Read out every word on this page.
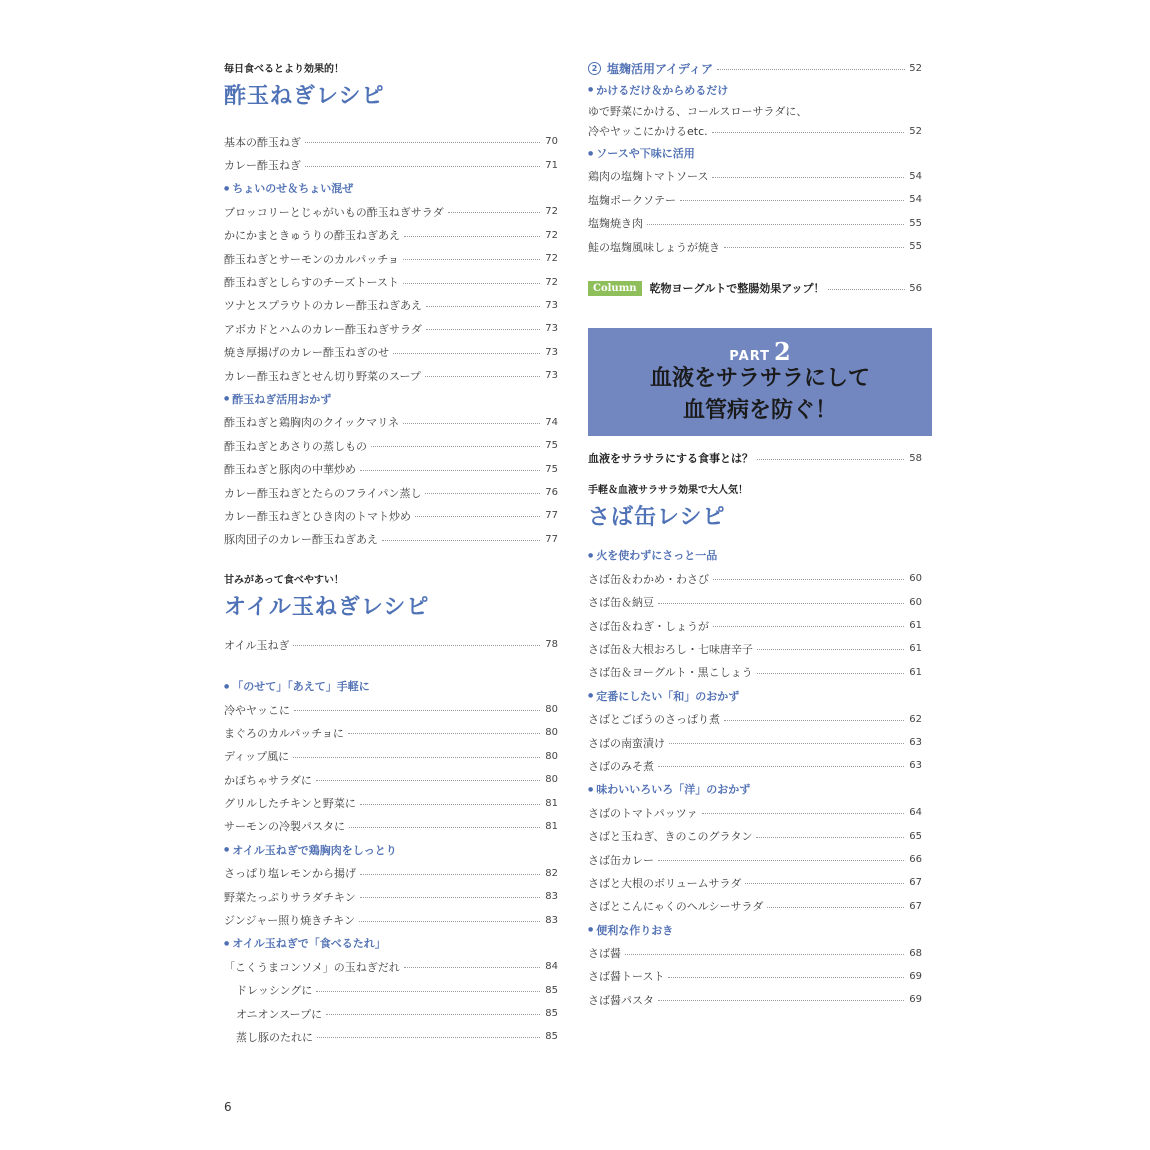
毎日食べるとより効果的！
酢玉ねぎレシピ
基本の酢玉ねぎ	70
カレー酢玉ねぎ	71
● ちょいのせ＆ちょい混ぜ
ブロッコリーとじゃがいもの酢玉ねぎサラダ	72
かにかまときゅうりの酢玉ねぎあえ	72
酢玉ねぎとサーモンのカルパッチョ	72
酢玉ねぎとしらすのチーズトースト	72
ツナとスプラウトのカレー酢玉ねぎあえ	73
アボカドとハムのカレー酢玉ねぎサラダ	73
焼き厚揚げのカレー酢玉ねぎのせ	73
カレー酢玉ねぎとせん切り野菜のスープ	73
● 酢玉ねぎ活用おかず
酢玉ねぎと鶏胸肉のクイックマリネ	74
酢玉ねぎとあさりの蒸しもの	75
酢玉ねぎと豚肉の中華炒め	75
カレー酢玉ねぎとたらのフライパン蒸し	76
カレー酢玉ねぎとひき肉のトマト炒め	77
豚肉団子のカレー酢玉ねぎあえ	77
甘みがあって食べやすい！
オイル玉ねぎレシピ
オイル玉ねぎ	78
● 「のせて」「あえて」手軽に
冷やヤッこに	80
まぐろのカルパッチョに	80
ディップ風に	80
かぼちゃサラダに	80
グリルしたチキンと野菜に	81
サーモンの冷製パスタに	81
● オイル玉ねぎで鶏胸肉をしっとり
さっぱり塩レモンから揚げ	82
野菜たっぷりサラダチキン	83
ジンジャー照り焼きチキン	83
● オイル玉ねぎで「食べるたれ」
「こくうまコンソメ」の玉ねぎだれ	84
ドレッシングに	85
オニオンスープに	85
蒸し豚のたれに	85
2 塩麹活用アイディア	52
● かけるだけ＆からめるだけ
ゆで野菜にかける、コールスローサラダに、
冷やヤッこにかけるetc.	52
● ソースや下味に活用
鶏肉の塩麹トマトソース	54
塩麹ポークソテー	54
塩麹焼き肉	55
鮭の塩麹風味しょうが焼き	55
Column	乾物ヨーグルトで整腸効果アップ！	56
PART 2
血液をサラサラにして
血管病を防ぐ！
血液をサラサラにする食事とは？	58
手軽＆血液サラサラ効果で大人気！
さば缶レシピ
● 火を使わずにさっと一品
さば缶＆わかめ・わさび	60
さば缶＆納豆	60
さば缶＆ねぎ・しょうが	61
さば缶＆大根おろし・七味唐辛子	61
さば缶＆ヨーグルト・黒こしょう	61
● 定番にしたい「和」のおかず
さばとごぼうのさっぱり煮	62
さばの南蛮漬け	63
さばのみそ煮	63
● 味わいいろいろ「洋」のおかず
さばのトマトパッツァ	64
さばと玉ねぎ、きのこのグラタン	65
さば缶カレー	66
さばと大根のボリュームサラダ	67
さばとこんにゃくのヘルシーサラダ	67
● 便利な作りおき
さば醤	68
さば醤トースト	69
さば醤パスタ	69
6
